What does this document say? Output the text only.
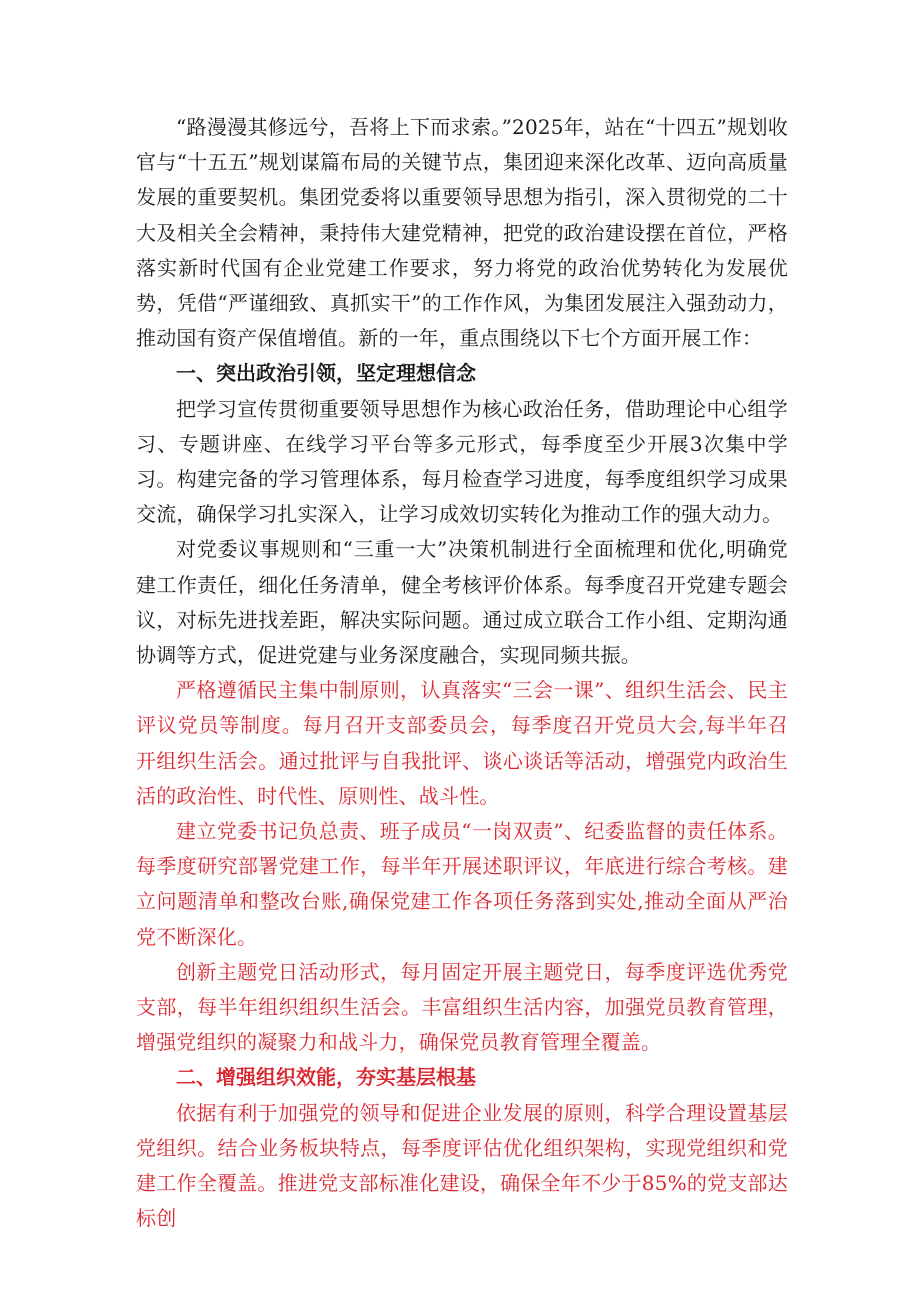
“路漫漫其修远兮，吾将上下而求索。”2025年，站在“十四五”规划收官与“十五五”规划谋篇布局的关键节点，集团迎来深化改革、迈向高质量发展的重要契机。集团党委将以重要领导思想为指引，深入贯彻党的二十大及相关全会精神，秉持伟大建党精神，把党的政治建设摆在首位，严格落实新时代国有企业党建工作要求，努力将党的政治优势转化为发展优势，凭借“严谨细致、真抓实干”的工作作风，为集团发展注入强劲动力，推动国有资产保值增值。新的一年，重点围绕以下七个方面开展工作：

一、突出政治引领，坚定理想信念

把学习宣传贯彻重要领导思想作为核心政治任务，借助理论中心组学习、专题讲座、在线学习平台等多元形式，每季度至少开展3次集中学习。构建完备的学习管理体系，每月检查学习进度，每季度组织学习成果交流，确保学习扎实深入，让学习成效切实转化为推动工作的强大动力。

对党委议事规则和“三重一大”决策机制进行全面梳理和优化,明确党建工作责任，细化任务清单，健全考核评价体系。每季度召开党建专题会议，对标先进找差距，解决实际问题。通过成立联合工作小组、定期沟通协调等方式，促进党建与业务深度融合，实现同频共振。

严格遵循民主集中制原则，认真落实“三会一课”、组织生活会、民主评议党员等制度。每月召开支部委员会，每季度召开党员大会,每半年召开组织生活会。通过批评与自我批评、谈心谈话等活动，增强党内政治生活的政治性、时代性、原则性、战斗性。

建立党委书记负总责、班子成员“一岗双责”、纪委监督的责任体系。每季度研究部署党建工作，每半年开展述职评议，年底进行综合考核。建立问题清单和整改台账,确保党建工作各项任务落到实处,推动全面从严治党不断深化。

创新主题党日活动形式，每月固定开展主题党日，每季度评选优秀党支部，每半年组织组织生活会。丰富组织生活内容，加强党员教育管理，增强党组织的凝聚力和战斗力，确保党员教育管理全覆盖。

二、增强组织效能，夯实基层根基

依据有利于加强党的领导和促进企业发展的原则，科学合理设置基层党组织。结合业务板块特点，每季度评估优化组织架构，实现党组织和党建工作全覆盖。推进党支部标准化建设，确保全年不少于85%的党支部达标创
